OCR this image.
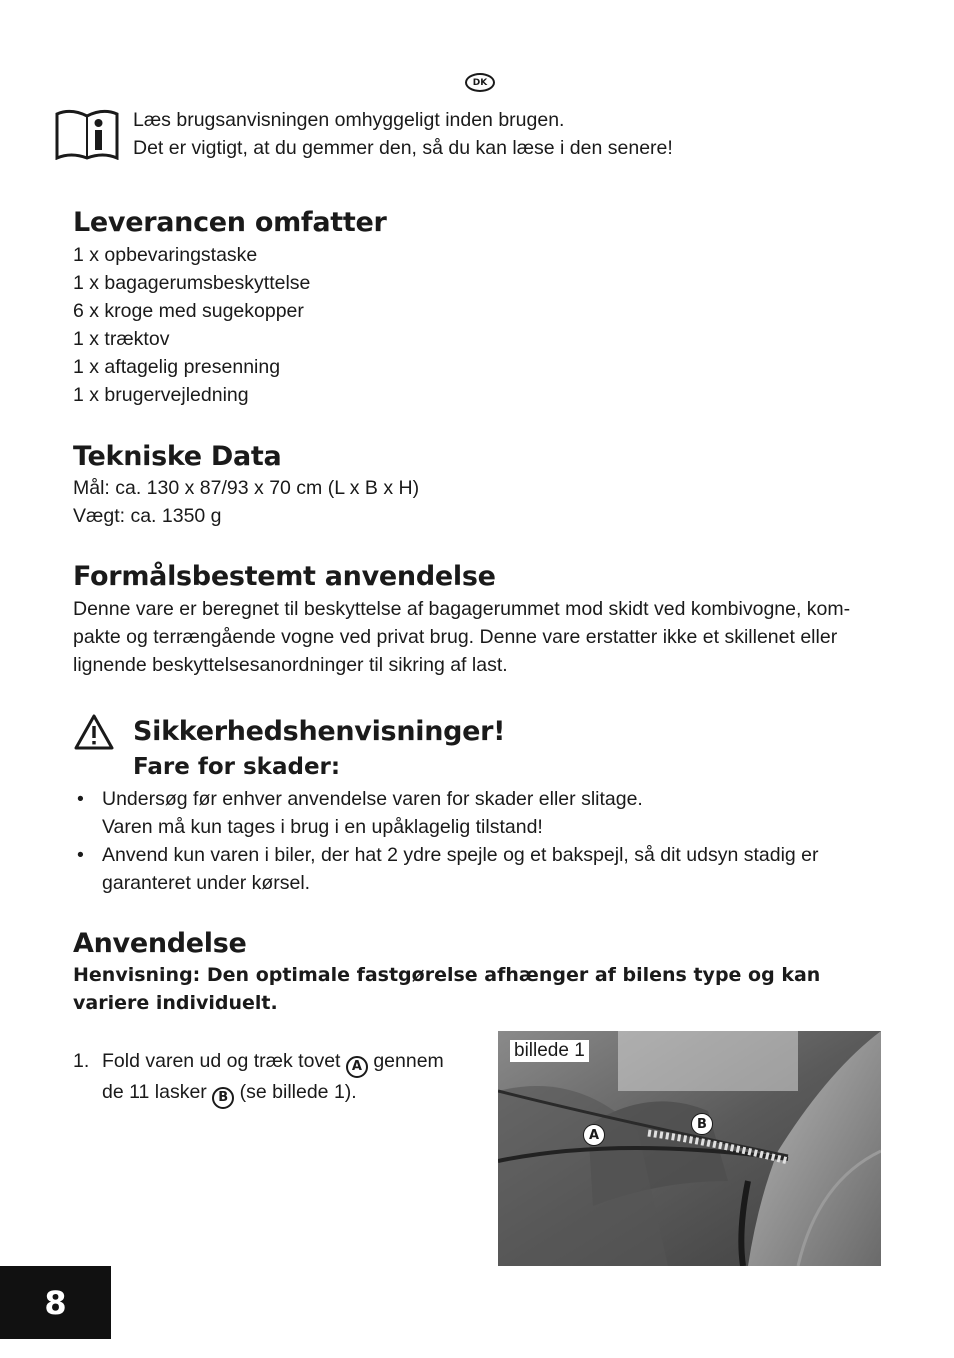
DK
Læs brugsanvisningen omhyggeligt inden brugen.
Det er vigtigt, at du gemmer den, så du kan læse i den senere!
Leverancen omfatter
1 x opbevaringstaske
1 x bagagerumsbeskyttelse
6 x kroge med sugekopper
1 x træktov
1 x aftagelig presenning
1 x brugervejledning
Tekniske Data
Mål: ca. 130 x 87/93 x 70 cm (L x B x H)
Vægt: ca. 1350 g
Formålsbestemt anvendelse
Denne vare er beregnet til beskyttelse af bagagerummet mod skidt ved kombivogne, kom-
pakte og terrængående vogne ved privat brug. Denne vare erstatter ikke et skillenet eller
lignende beskyttelsesanordninger til sikring af last.
Sikkerhedshenvisninger!
Fare for skader:
• Undersøg før enhver anvendelse varen for skader eller slitage.
Varen må kun tages i brug i en upåklagelig tilstand!
• Anvend kun varen i biler, der hat 2 ydre spejle og et bakspejl, så dit udsyn stadig er
garanteret under kørsel.
Anvendelse
Henvisning: Den optimale fastgørelse afhænger af bilens type og kan
variere individuelt.
1. Fold varen ud og træk tovet A gennem
de 11 lasker B (se billede 1).
billede 1
A
B
8
